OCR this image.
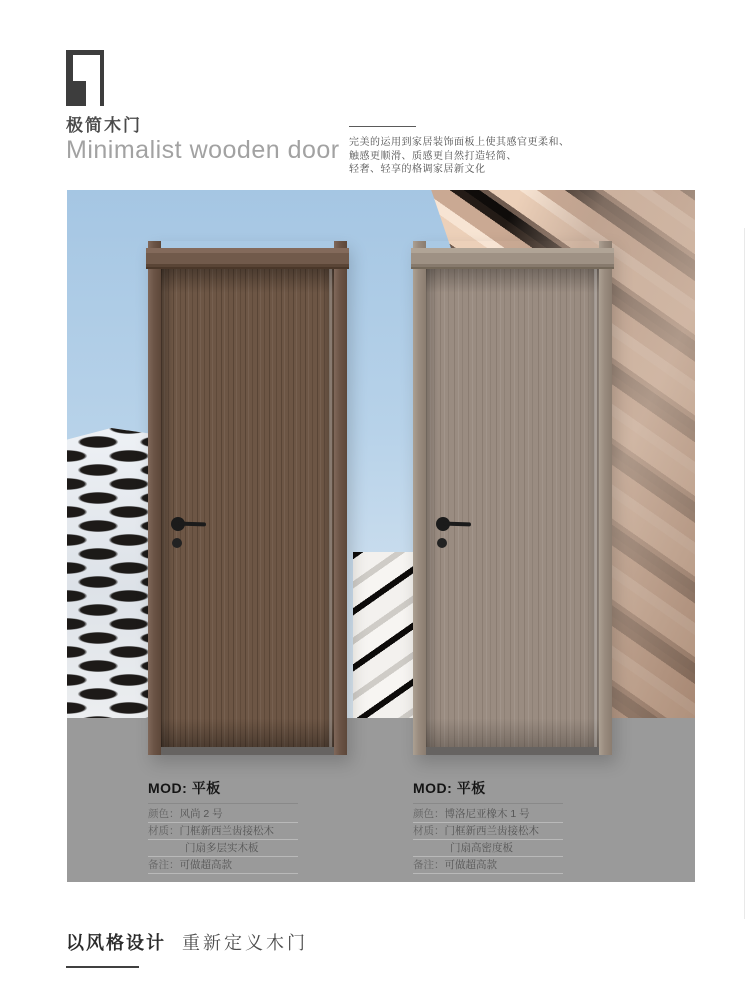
极简木门
Minimalist wooden door 完美的运用到家居装饰面板上使其感官更柔和、
触感更顺滑、质感更自然打造轻简、
轻奢、轻享的格调家居新文化
MOD: 平板
颜色：风尚 2 号
材质：门框新西兰齿接松木
门扇多层实木板
备注：可做超高款
MOD: 平板
颜色：博洛尼亚橡木 1 号
材质：门框新西兰齿接松木
门扇高密度板
备注：可做超高款
以风格设计 重新定义木门
